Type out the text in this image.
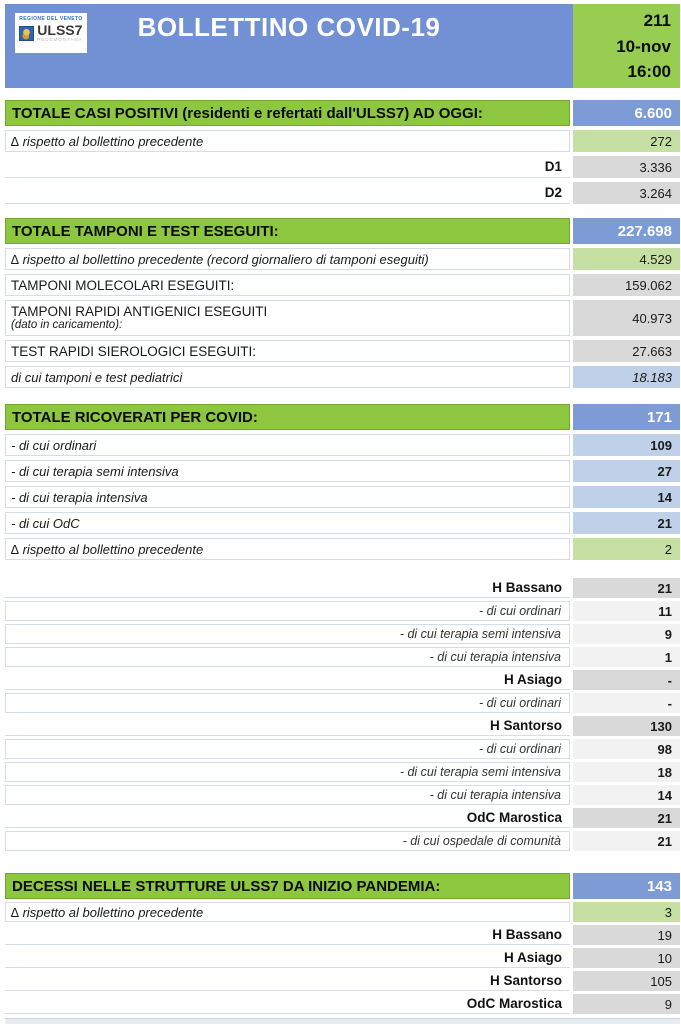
REGIONE DEL VENETO
ULSS7
PEDEMONTANA	BOLLETTINO COVID-19	211
10-nov
16:00
TOTALE CASI POSITIVI (residenti e refertati dall'ULSS7) AD OGGI:	6.600
∆ rispetto al bollettino precedente	272
D1	3.336
D2	3.264
TOTALE TAMPONI E TEST ESEGUITI:	227.698
∆ rispetto al bollettino precedente (record giornaliero di tamponi eseguiti)	4.529
TAMPONI MOLECOLARI ESEGUITI:	159.062
TAMPONI RAPIDI ANTIGENICI ESEGUITI
(dato in caricamento):	40.973
TEST RAPIDI SIEROLOGICI ESEGUITI:	27.663
di cui tamponi e test pediatrici	18.183
TOTALE RICOVERATI PER COVID:	171
- di cui ordinari	109
- di cui terapia semi intensiva	27
- di cui terapia intensiva	14
- di cui OdC	21
∆ rispetto al bollettino precedente	2
H Bassano	21
- di cui ordinari	11
- di cui terapia semi intensiva	9
- di cui terapia intensiva	1
H Asiago	-
- di cui ordinari	-
H Santorso	130
- di cui ordinari	98
- di cui terapia semi intensiva	18
- di cui terapia intensiva	14
OdC Marostica	21
- di cui ospedale di comunità	21
DECESSI NELLE STRUTTURE ULSS7 DA INIZIO PANDEMIA:	143
∆ rispetto al bollettino precedente	3
H Bassano	19
H Asiago	10
H Santorso	105
OdC Marostica	9
